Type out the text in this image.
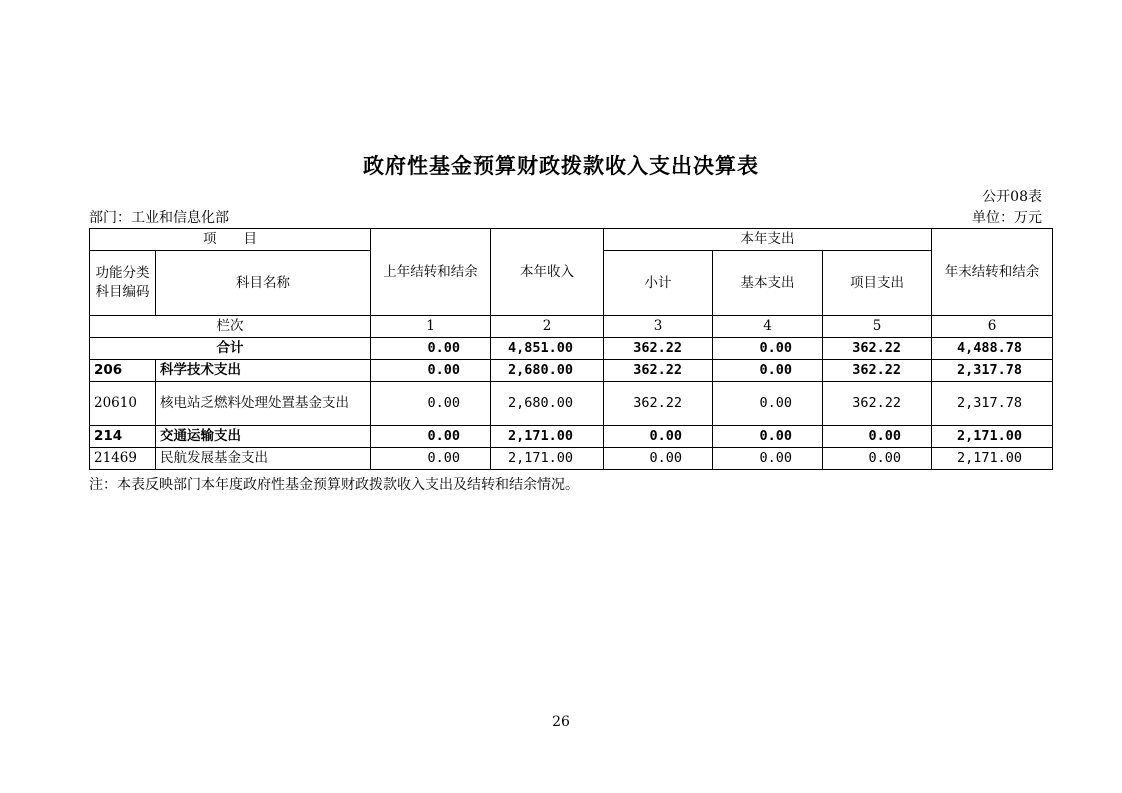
政府性基金预算财政拨款收入支出决算表
公开08表
部门：工业和信息化部	单位：万元
项　　目		上年结转和结余	本年收入	本年支出			年末结转和结余
功能分类科目编码	科目名称			小计	基本支出	项目支出	
栏次		1	2	3	4	5	6
合计		0.00	4,851.00	362.22	0.00	362.22	4,488.78
206	科学技术支出	0.00	2,680.00	362.22	0.00	362.22	2,317.78
20610	核电站乏燃料处理处置基金支出	0.00	2,680.00	362.22	0.00	362.22	2,317.78
214	交通运输支出	0.00	2,171.00	0.00	0.00	0.00	2,171.00
21469	民航发展基金支出	0.00	2,171.00	0.00	0.00	0.00	2,171.00
注：本表反映部门本年度政府性基金预算财政拨款收入支出及结转和结余情况。
26
